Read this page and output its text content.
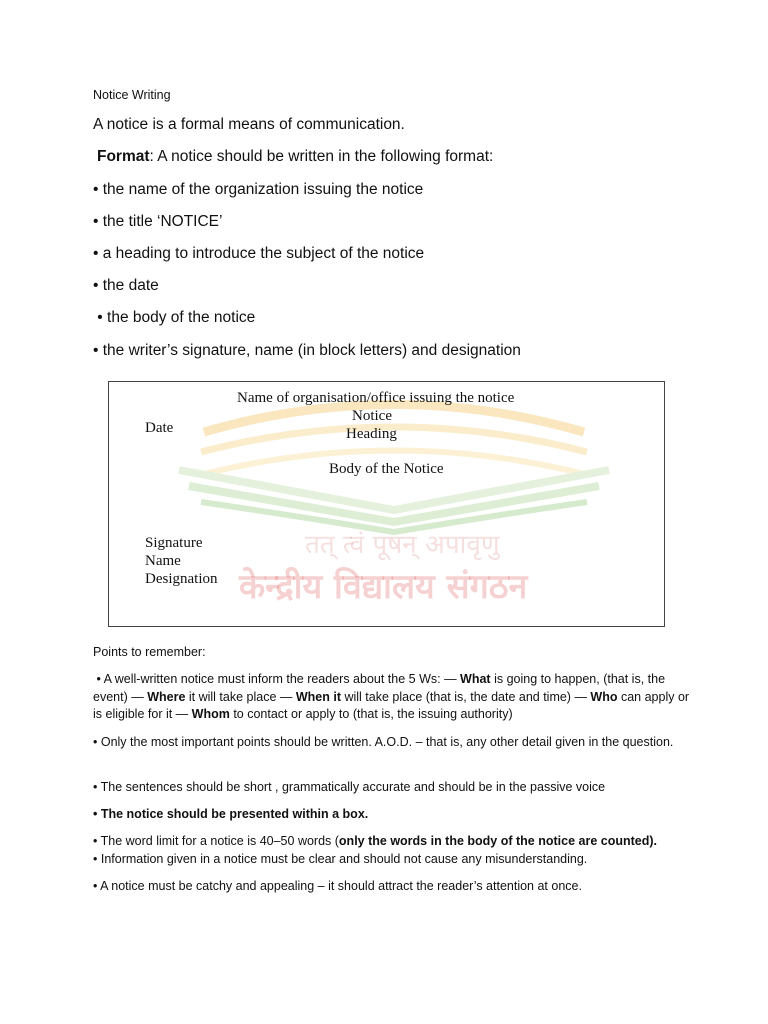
Notice Writing
A notice is a formal means of communication.
Format: A notice should be written in the following format:
• the name of the organization issuing the notice
• the title ‘NOTICE’
• a heading to introduce the subject of the notice
• the date
• the body of the notice
• the writer’s signature, name (in block letters) and designation
तत् त्वं पूषन् अपावृणु
केन्द्रीय विद्यालय संगठन
Name of organisation/office issuing the notice
Notice
Heading
Date
Body of the Notice
Signature
Name
Designation
Points to remember:
• A well-written notice must inform the readers about the 5 Ws: — What is going to happen, (that is, the event) — Where it will take place — When it will take place (that is, the date and time) — Who can apply or is eligible for it — Whom to contact or apply to (that is, the issuing authority)
• Only the most important points should be written. A.O.D. – that is, any other detail given in the question.
• The sentences should be short , grammatically accurate and should be in the passive voice
• The notice should be presented within a box.
• The word limit for a notice is 40–50 words (only the words in the body of the notice are counted).
• Information given in a notice must be clear and should not cause any misunderstanding.
• A notice must be catchy and appealing – it should attract the reader’s attention at once.
